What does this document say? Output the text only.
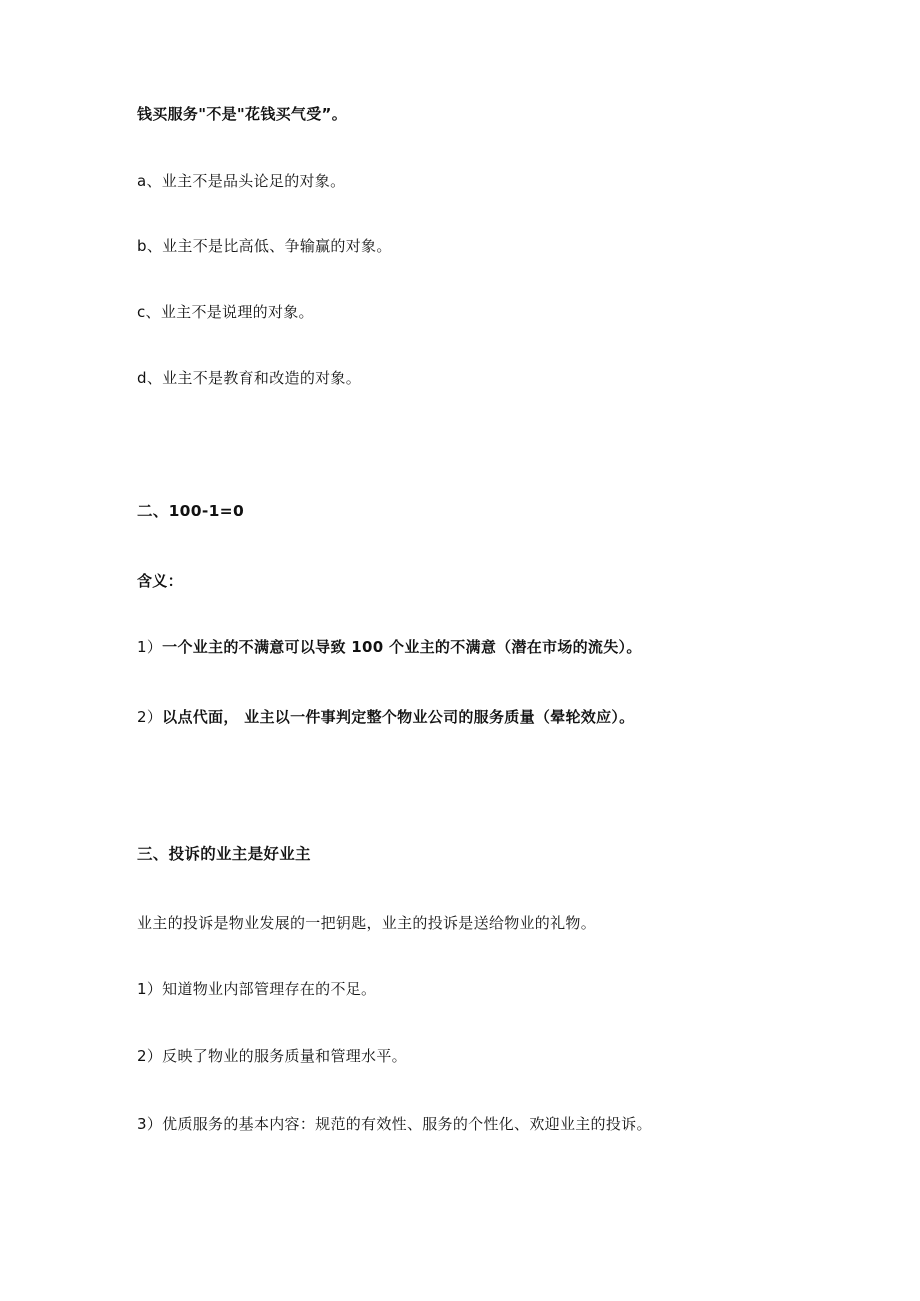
钱买服务"不是"花钱买气受”。
a、业主不是品头论足的对象。
b、业主不是比高低、争输赢的对象。
c、业主不是说理的对象。
d、业主不是教育和改造的对象。
二、100-1=0
含义：
1）一个业主的不满意可以导致 100 个业主的不满意（潜在市场的流失）。
2）以点代面， 业主以一件事判定整个物业公司的服务质量（晕轮效应）。
三、投诉的业主是好业主
业主的投诉是物业发展的一把钥匙，业主的投诉是送给物业的礼物。
1）知道物业内部管理存在的不足。
2）反映了物业的服务质量和管理水平。
3）优质服务的基本内容：规范的有效性、服务的个性化、欢迎业主的投诉。
